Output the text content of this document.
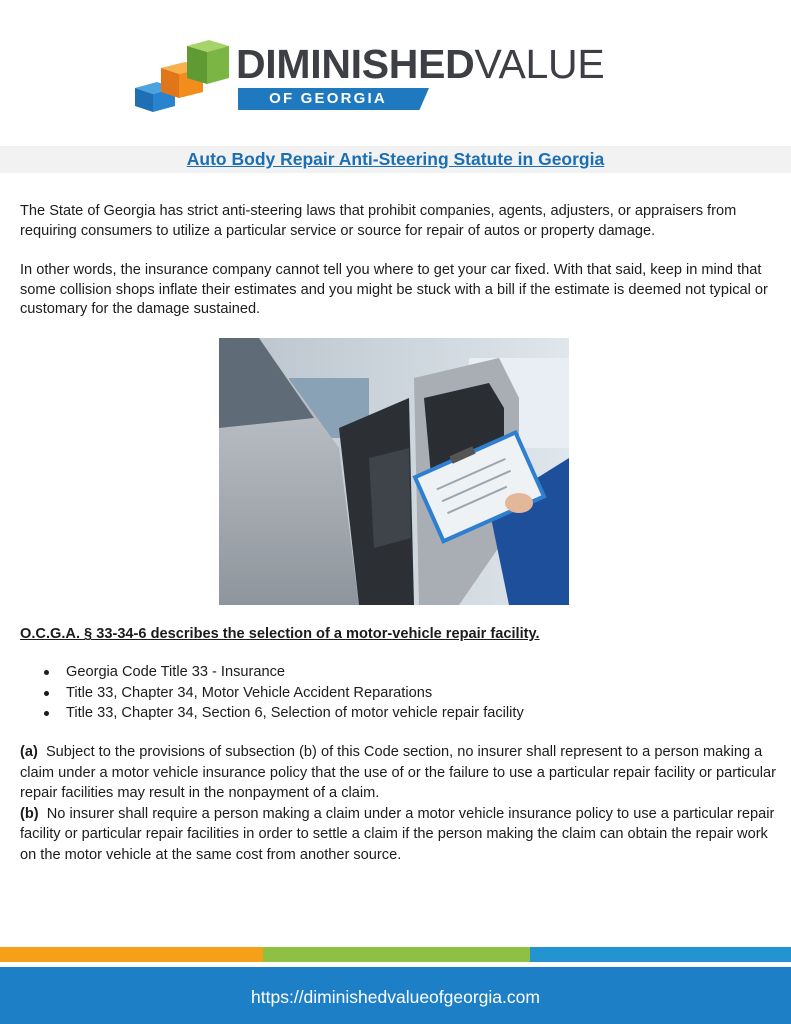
DIMINISHEDVALUE
OF GEORGIA
Auto Body Repair Anti-Steering Statute in Georgia

The State of Georgia has strict anti-steering laws that prohibit companies, agents, adjusters, or appraisers from requiring consumers to utilize a particular service or source for repair of autos or property damage.

In other words, the insurance company cannot tell you where to get your car fixed. With that said, keep in mind that some collision shops inflate their estimates and you might be stuck with a bill if the estimate is deemed not typical or customary for the damage sustained.

O.C.G.A. § 33-34-6 describes the selection of a motor-vehicle repair facility.
Georgia Code Title 33 - Insurance
Title 33, Chapter 34, Motor Vehicle Accident Reparations
Title 33, Chapter 34, Section 6, Selection of motor vehicle repair facility

(a) Subject to the provisions of subsection (b) of this Code section, no insurer shall represent to a person making a claim under a motor vehicle insurance policy that the use of or the failure to use a particular repair facility or particular repair facilities may result in the nonpayment of a claim.

(b) No insurer shall require a person making a claim under a motor vehicle insurance policy to use a particular repair facility or particular repair facilities in order to settle a claim if the person making the claim can obtain the repair work on the motor vehicle at the same cost from another source.

https://diminishedvalueofgeorgia.com
